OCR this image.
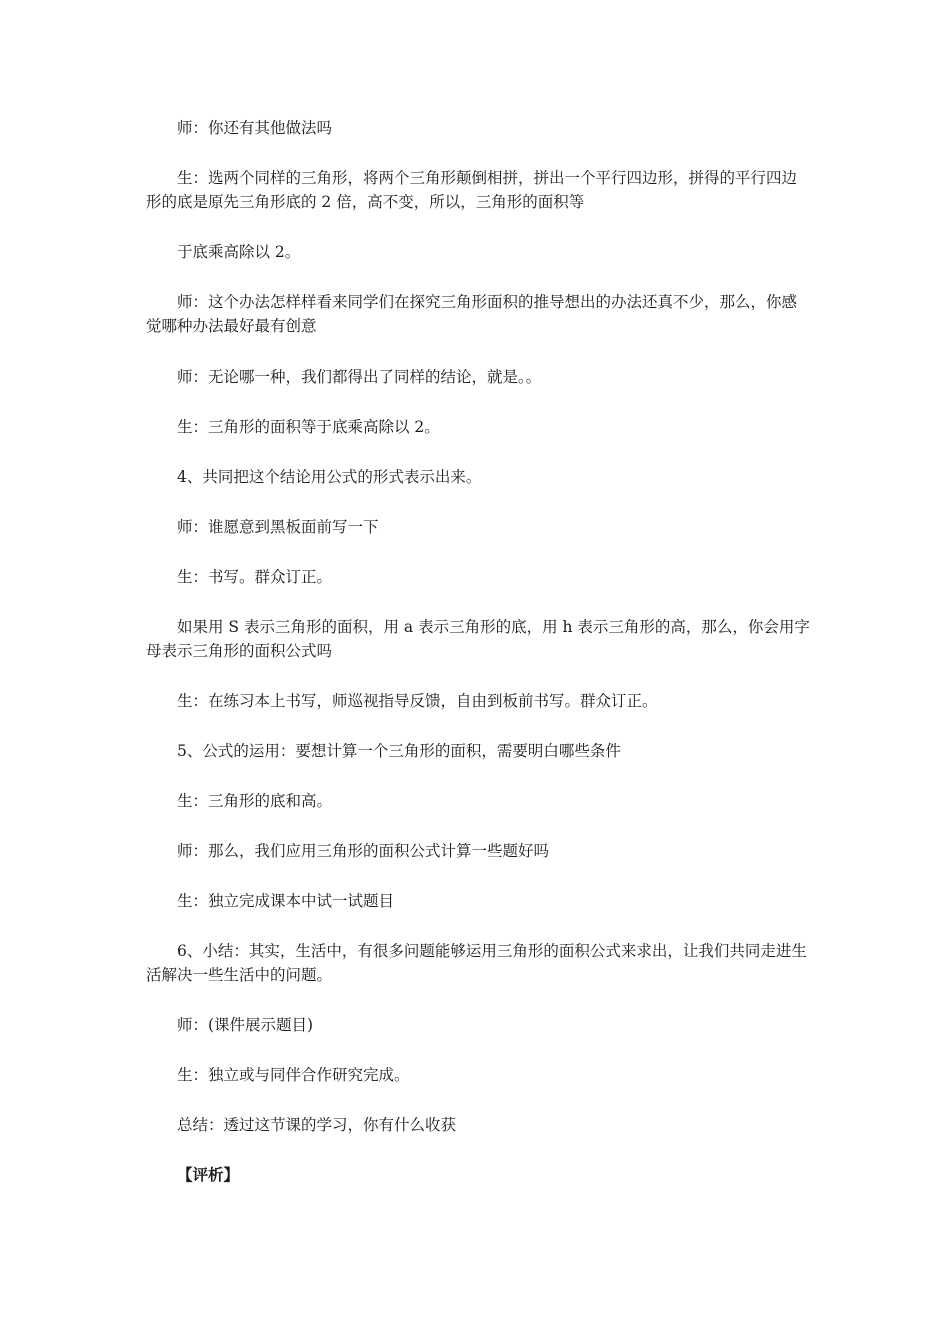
师：你还有其他做法吗

生：选两个同样的三角形，将两个三角形颠倒相拼，拼出一个平行四边形，拼得的平行四边形的底是原先三角形底的 2 倍，高不变，所以，三角形的面积等

于底乘高除以 2。

师：这个办法怎样样看来同学们在探究三角形面积的推导想出的办法还真不少，那么，你感觉哪种办法最好最有创意

师：无论哪一种，我们都得出了同样的结论，就是。。

生：三角形的面积等于底乘高除以 2。

4、共同把这个结论用公式的形式表示出来。

师：谁愿意到黑板面前写一下

生：书写。群众订正。

如果用 S 表示三角形的面积，用 a 表示三角形的底，用 h 表示三角形的高，那么，你会用字母表示三角形的面积公式吗

生：在练习本上书写，师巡视指导反馈，自由到板前书写。群众订正。

5、公式的运用：要想计算一个三角形的面积，需要明白哪些条件

生：三角形的底和高。

师：那么，我们应用三角形的面积公式计算一些题好吗

生：独立完成课本中试一试题目

6、小结：其实，生活中，有很多问题能够运用三角形的面积公式来求出，让我们共同走进生活解决一些生活中的问题。

师：(课件展示题目)

生：独立或与同伴合作研究完成。

总结：透过这节课的学习，你有什么收获

【评析】
